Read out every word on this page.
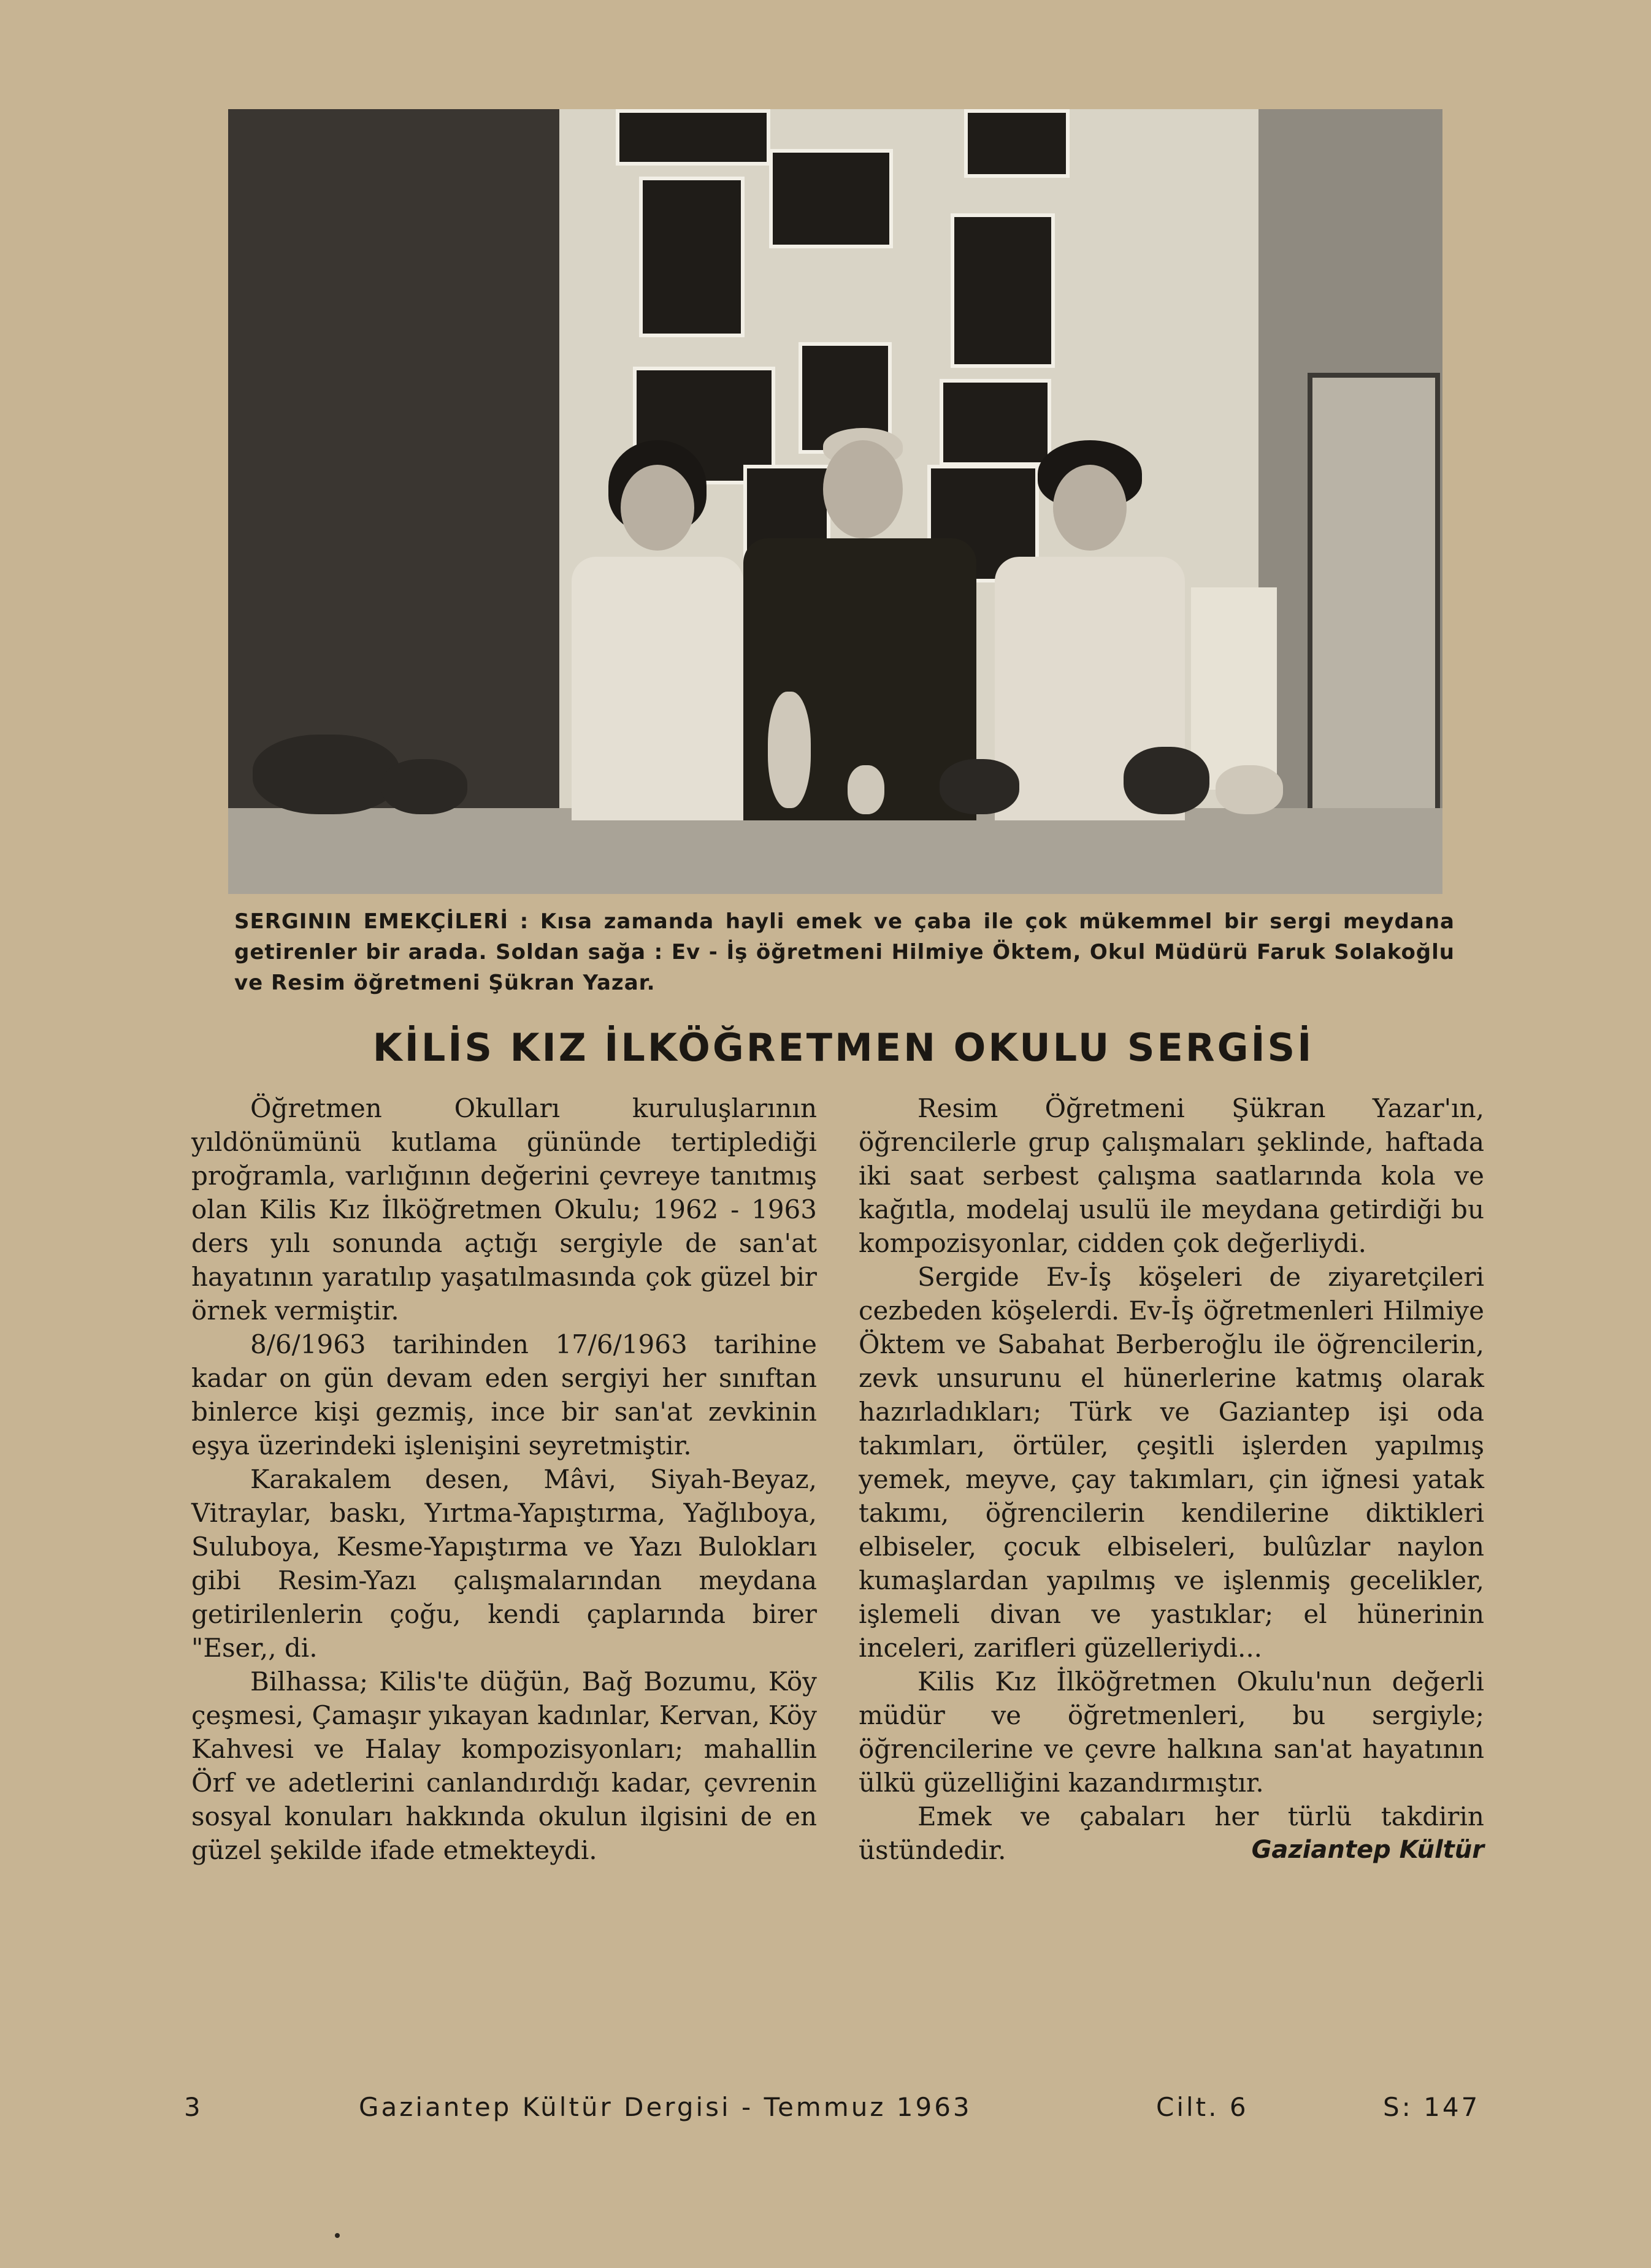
SERGININ EMEKÇİLERİ : Kısa zamanda hayli emek ve çaba ile çok mükemmel bir sergi meydana getirenler bir arada. Soldan sağa : Ev - İş öğretmeni Hilmiye Öktem, Okul Müdürü Faruk Solakoğlu ve Resim öğretmeni Şükran Yazar.
KİLİS KIZ İLKÖĞRETMEN OKULU SERGİSİ

Öğretmen Okulları kuruluşlarının yıldönümünü kutlama gününde tertiplediği proğramla, varlığının değerini çevreye tanıtmış olan Kilis Kız İlköğretmen Okulu; 1962 - 1963 ders yılı sonunda açtığı sergiyle de san'at hayatının yaratılıp yaşatılmasında çok güzel bir örnek vermiştir.

8/6/1963 tarihinden 17/6/1963 tarihine kadar on gün devam eden sergiyi her sınıftan binlerce kişi gezmiş, ince bir san'at zevkinin eşya üzerindeki işlenişini seyretmiştir.

Karakalem desen, Mâvi, Siyah-Beyaz, Vitraylar, baskı, Yırtma-Yapıştırma, Yağlıboya, Suluboya, Kesme-Yapıştırma ve Yazı Bulokları gibi Resim-Yazı çalışmalarından meydana getirilenlerin çoğu, kendi çaplarında birer "Eser,, di.

Bilhassa; Kilis'te düğün, Bağ Bozumu, Köy çeşmesi, Çamaşır yıkayan kadınlar, Kervan, Köy Kahvesi ve Halay kompozisyonları; mahallin Örf ve adetlerini canlandırdığı kadar, çevrenin sosyal konuları hakkında okulun ilgisini de en güzel şekilde ifade etmekteydi.

Resim Öğretmeni Şükran Yazar'ın, öğrencilerle grup çalışmaları şeklinde, haftada iki saat serbest çalışma saatlarında kola ve kağıtla, modelaj usulü ile meydana getirdiği bu kompozisyonlar, cidden çok değerliydi.

Sergide Ev-İş köşeleri de ziyaretçileri cezbeden köşelerdi. Ev-İş öğretmenleri Hilmiye Öktem ve Sabahat Berberoğlu ile öğrencilerin, zevk unsurunu el hünerlerine katmış olarak hazırladıkları; Türk ve Gaziantep işi oda takımları, örtüler, çeşitli işlerden yapılmış yemek, meyve, çay takımları, çin iğnesi yatak takımı, öğrencilerin kendilerine diktikleri elbiseler, çocuk elbiseleri, bulûzlar naylon kumaşlardan yapılmış ve işlenmiş gecelikler, işlemeli divan ve yastıklar; el hünerinin inceleri, zarifleri güzelleriydi...

Kilis Kız İlköğretmen Okulu'nun değerli müdür ve öğretmenleri, bu sergiyle; öğrencilerine ve çevre halkına san'at hayatının ülkü güzelliğini kazandırmıştır.

Emek ve çabaları her türlü takdirin üstündedir.	Gaziantep Kültür

3	Gaziantep Kültür Dergisi - Temmuz 1963	Cilt. 6	S: 147
